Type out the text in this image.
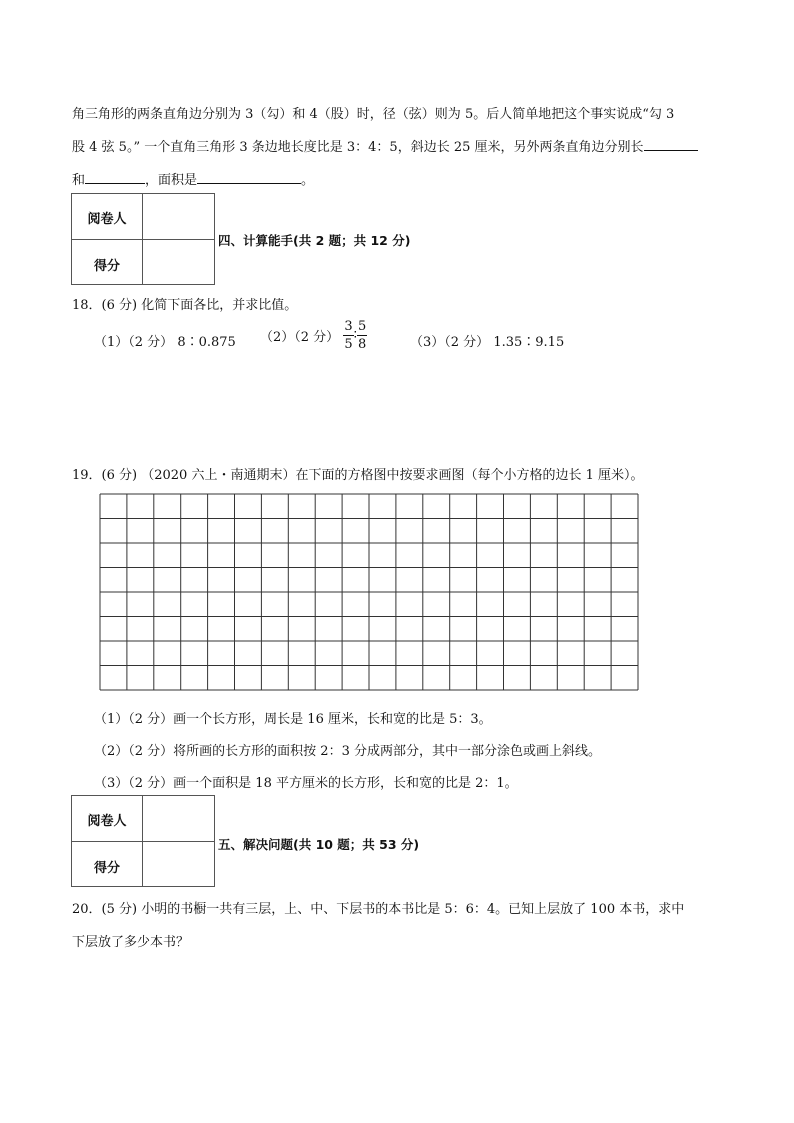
角三角形的两条直角边分别为 3（勾）和 4（股）时，径（弦）则为 5。后人简单地把这个事实说成“勾 3
股 4 弦 5。” 一个直角三角形 3 条边地长度比是 3：4：5，斜边长 25 厘米，另外两条直角边分别长
和	，面积是	。
阅卷人
得分
四、计算能手(共 2 题；共 12 分)
18．(6 分) 化简下面各比，并求比值。
（1）（2 分） 8∶0.875 （2）（2 分） $\frac{3}{5}$ ∶ $\frac{5}{8}$	（3）（2 分） 1.35∶9.15
19．(6 分) （2020 六上・南通期末）在下面的方格图中按要求画图（每个小方格的边长 1 厘米）。
（1）（2 分）画一个长方形，周长是 16 厘米，长和宽的比是 5：3。
（2）（2 分）将所画的长方形的面积按 2：3 分成两部分，其中一部分涂色或画上斜线。
（3）（2 分）画一个面积是 18 平方厘米的长方形，长和宽的比是 2：1。
阅卷人
得分
五、解决问题(共 10 题；共 53 分)
20．(5 分) 小明的书橱一共有三层，上、中、下层书的本书比是 5：6：4。已知上层放了 100 本书，求中
下层放了多少本书？
